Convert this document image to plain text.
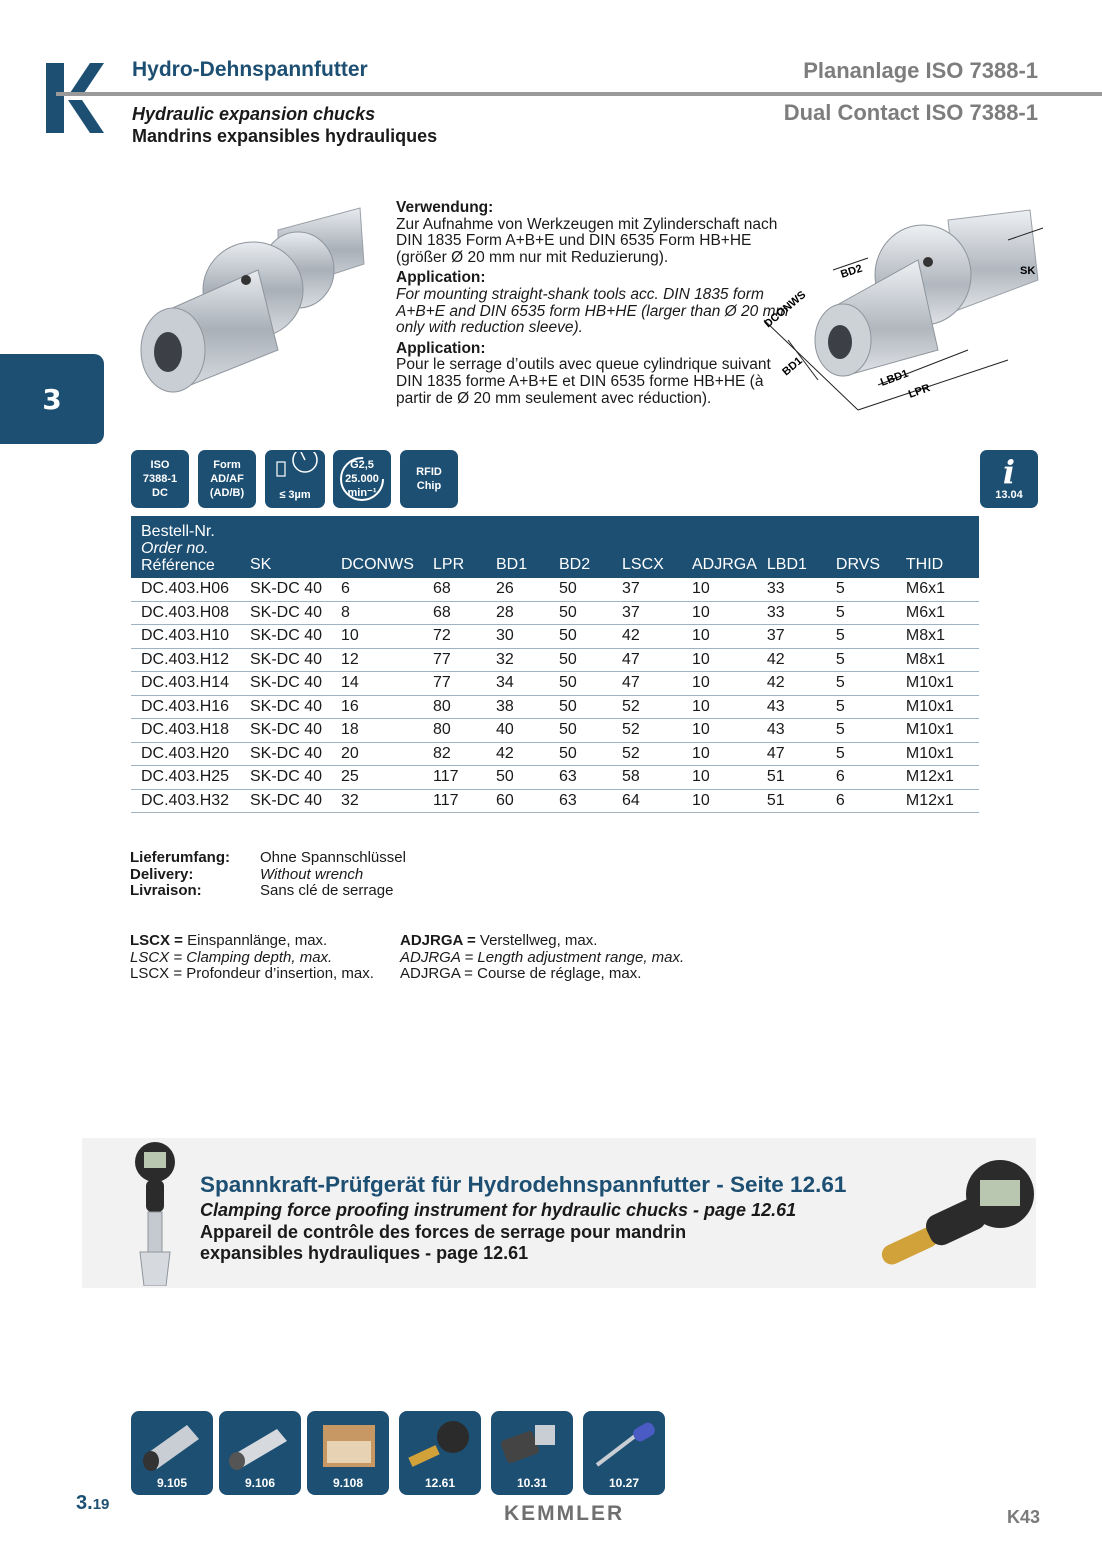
Hydro-Dehnspannfutter	Plananlage ISO 7388-1
Dual Contact ISO 7388-1
Hydraulic expansion chucks
Mandrins expansibles hydrauliques
3
Verwendung:
Zur Aufnahme von Werkzeugen mit Zylinderschaft nach DIN 1835 Form A+B+E und DIN 6535 Form HB+HE (größer Ø 20 mm nur mit Reduzierung).
Application:
For mounting straight-shank tools acc. DIN 1835 form A+B+E and DIN 6535 form HB+HE (larger than Ø 20 mm only with reduction sleeve).
Application:
Pour le serrage d’outils avec queue cylindrique suivant DIN 1835 forme A+B+E et DIN 6535 forme HB+HE (à partir de Ø 20 mm seulement avec réduction).
BD2	SK
DCONWS
BD1	LBD1
LPR
ISO
7388-1
DC
Form
AD/AF
(AD/B)	≤ 3µm
G2,5
25.000
min⁻¹
RFID
Chip	i
13.04
Bestell-Nr.
Order no.
Référence	SK	DCONWS	LPR	BD1	BD2	LSCX	ADJRGA	LBD1	DRVS	THID
DC.403.H06	SK-DC 40	6	68	26	50	37	10	33	5	M6x1
DC.403.H08	SK-DC 40	8	68	28	50	37	10	33	5	M6x1
DC.403.H10	SK-DC 40	10	72	30	50	42	10	37	5	M8x1
DC.403.H12	SK-DC 40	12	77	32	50	47	10	42	5	M8x1
DC.403.H14	SK-DC 40	14	77	34	50	47	10	42	5	M10x1
DC.403.H16	SK-DC 40	16	80	38	50	52	10	43	5	M10x1
DC.403.H18	SK-DC 40	18	80	40	50	52	10	43	5	M10x1
DC.403.H20	SK-DC 40	20	82	42	50	52	10	47	5	M10x1
DC.403.H25	SK-DC 40	25	117	50	63	58	10	51	6	M12x1
DC.403.H32	SK-DC 40	32	117	60	63	64	10	51	6	M12x1
Lieferumfang:
Delivery:
Livraison:
Ohne Spannschlüssel
Without wrench
Sans clé de serrage
LSCX = Einspannlänge, max.
LSCX = Clamping depth, max.
LSCX = Profondeur d’insertion, max.
ADJRGA = Verstellweg, max.
ADJRGA = Length adjustment range, max.
ADJRGA = Course de réglage, max.
Spannkraft-Prüfgerät für Hydrodehnspannfutter - Seite 12.61
Clamping force proofing instrument for hydraulic chucks - page 12.61
Appareil de contrôle des forces de serrage pour mandrin expansibles hydrauliques - page 12.61
9.105	9.106	9.108	12.61	10.31	10.27
3.19	KEMMLER	K43
